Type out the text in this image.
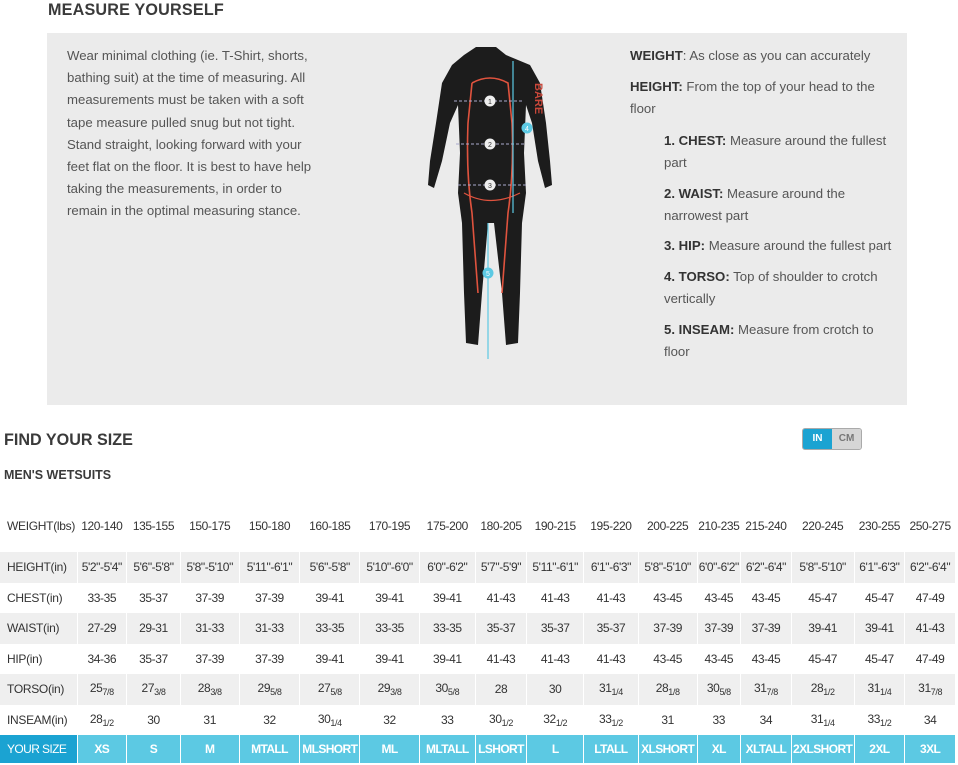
MEASURE YOURSELF
Wear minimal clothing (ie. T-Shirt, shorts, bathing suit) at the time of measuring. All measurements must be taken with a soft tape measure pulled snug but not tight. Stand straight, looking forward with your feet flat on the floor. It is best to have help taking the measurements, in order to remain in the optimal measuring stance.
1
2
3
4
5
BARE

WEIGHT: As close as you can accurately

HEIGHT: From the top of your head to the floor

1. CHEST: Measure around the fullest part

2. WAIST: Measure around the narrowest part

3. HIP: Measure around the fullest part

4. TORSO: Top of shoulder to crotch vertically

5. INSEAM: Measure from crotch to floor

FIND YOUR SIZE
MEN'S WETSUITS
IN	CM
WEIGHT(lbs)	120-140	135-155	150-175	150-180	160-185	170-195	175-200	180-205	190-215	195-220	200-225	210-235	215-240	220-245	230-255	250-275
HEIGHT(in)	5'2"-5'4"	5'6"-5'8"	5'8"-5'10"	5'11"-6'1"	5'6"-5'8"	5'10"-6'0"	6'0"-6'2"	5'7"-5'9"	5'11"-6'1"	6'1"-6'3"	5'8"-5'10"	6'0"-6'2"	6'2"-6'4"	5'8"-5'10"	6'1"-6'3"	6'2"-6'4"
CHEST(in)	33-35	35-37	37-39	37-39	39-41	39-41	39-41	41-43	41-43	41-43	43-45	43-45	43-45	45-47	45-47	47-49
WAIST(in)	27-29	29-31	31-33	31-33	33-35	33-35	33-35	35-37	35-37	35-37	37-39	37-39	37-39	39-41	39-41	41-43
HIP(in)	34-36	35-37	37-39	37-39	39-41	39-41	39-41	41-43	41-43	41-43	43-45	43-45	43-45	45-47	45-47	47-49
TORSO(in)	$25_{7/8}$	$27_{3/8}$	$28_{3/8}$	$29_{5/8}$	$27_{5/8}$	$29_{3/8}$	$30_{5/8}$	28	30	$31_{1/4}$	$28_{1/8}$	$30_{5/8}$	$31_{7/8}$	$28_{1/2}$	$31_{1/4}$	$31_{7/8}$
INSEAM(in)	$28_{1/2}$	30	31	32	$30_{1/4}$	32	33	$30_{1/2}$	$32_{1/2}$	$33_{1/2}$	31	33	34	$31_{1/4}$	$33_{1/2}$	34
YOUR SIZE	XS	S	M	MTALL	MLSHORT	ML	MLTALL	LSHORT	L	LTALL	XLSHORT	XL	XLTALL	2XLSHORT	2XL	3XL
